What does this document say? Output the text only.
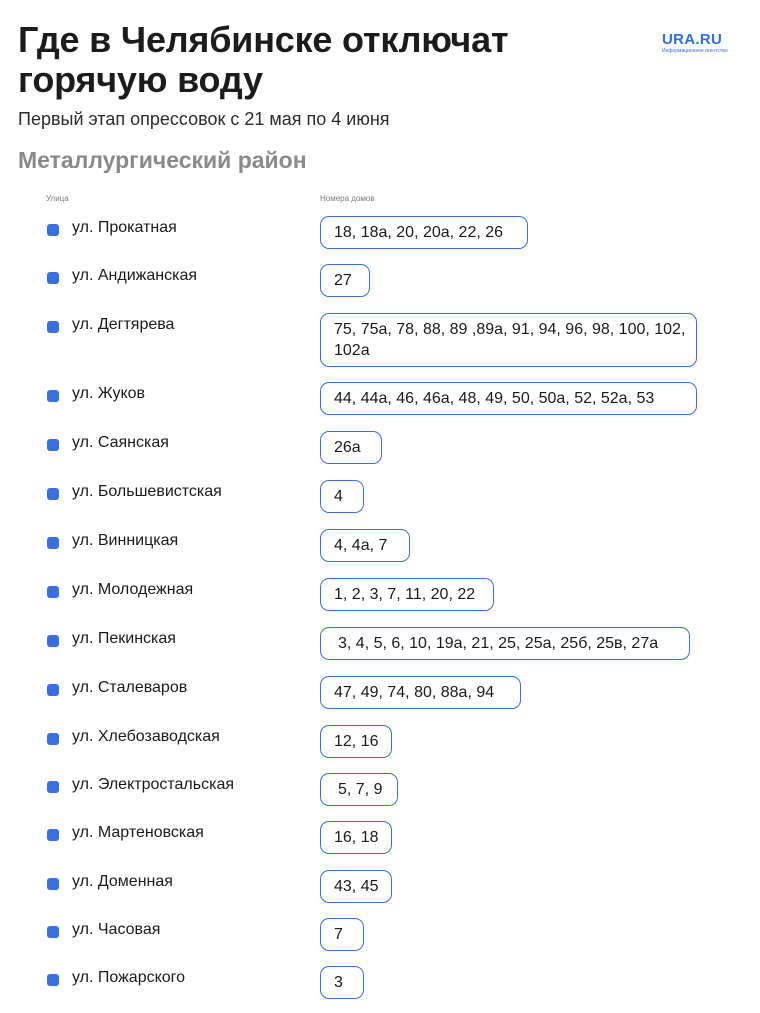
Где в Челябинске отключат горячую воду
URA.RU
Информационное агентство
Первый этап опрессовок с 21 мая по 4 июня
Металлургический район
Улица	Номера домов
ул. Прокатная	18, 18а, 20, 20а, 22, 26
ул. Андижанская	27
ул. Дегтярева	75, 75а, 78, 88, 89 ,89а, 91, 94, 96, 98, 100, 102, 102а
ул. Жуков	44, 44а, 46, 46а, 48, 49, 50, 50а, 52, 52а, 53
ул. Саянская	26а
ул. Большевистская	4
ул. Винницкая	4, 4а, 7
ул. Молодежная	1, 2, 3, 7, 11, 20, 22
ул. Пекинская	3, 4, 5, 6, 10, 19а, 21, 25, 25а, 25б, 25в, 27а
ул. Сталеваров	47, 49, 74, 80, 88а, 94
ул. Хлебозаводская	12, 16
ул. Электростальская	5, 7, 9
ул. Мартеновская	16, 18
ул. Доменная	43, 45
ул. Часовая	7
ул. Пожарского	3
